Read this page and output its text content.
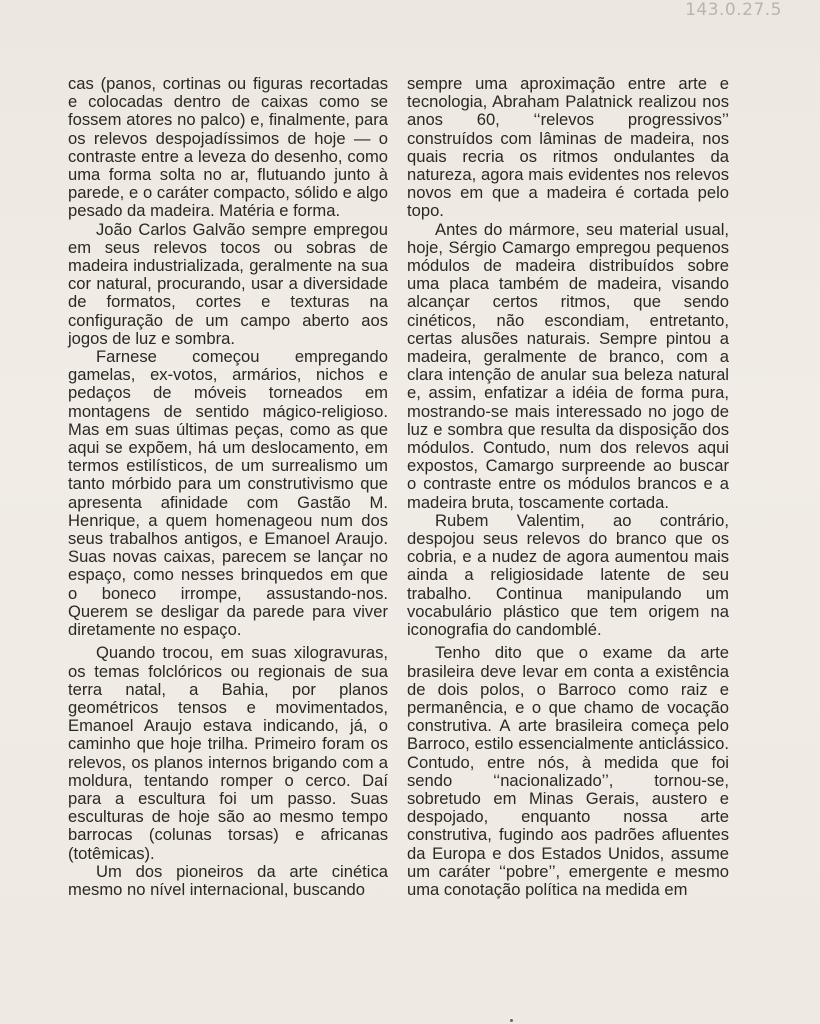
143.0.27.5

cas (panos, cortinas ou figuras recortadas e colocadas dentro de caixas como se fossem atores no palco) e, finalmente, para os relevos despojadíssimos de hoje — o contraste entre a leveza do desenho, como uma forma solta no ar, flutuando junto à parede, e o caráter compacto, sólido e algo pesado da madeira. Matéria e forma.

João Carlos Galvão sempre empregou em seus relevos tocos ou sobras de madeira industrializada, geralmente na sua cor natural, procurando, usar a diversidade de formatos, cortes e texturas na configuração de um campo aberto aos jogos de luz e sombra.

Farnese começou empregando gamelas, ex-votos, armários, nichos e pedaços de móveis torneados em montagens de sentido mágico-religioso. Mas em suas últimas peças, como as que aqui se expõem, há um deslocamento, em termos estilísticos, de um surrealismo um tanto mórbido para um construtivismo que apresenta afinidade com Gastão M. Henrique, a quem homenageou num dos seus trabalhos antigos, e Emanoel Araujo. Suas novas caixas, parecem se lançar no espaço, como nesses brinquedos em que o boneco irrompe, assustando-nos. Querem se desligar da parede para viver diretamente no espaço.

Quando trocou, em suas xilogravuras, os temas folclóricos ou regionais de sua terra natal, a Bahia, por planos geométricos tensos e movimentados, Emanoel Araujo estava indicando, já, o caminho que hoje trilha. Primeiro foram os relevos, os planos internos brigando com a moldura, tentando romper o cerco. Daí para a escultura foi um passo. Suas esculturas de hoje são ao mesmo tempo barrocas (colunas torsas) e africanas (totêmicas).

Um dos pioneiros da arte cinética mesmo no nível internacional, buscando

sempre uma aproximação entre arte e tecnologia, Abraham Palatnick realizou nos anos 60, ‘‘relevos progressivos’’ construídos com lâminas de madeira, nos quais recria os ritmos ondulantes da natureza, agora mais evidentes nos relevos novos em que a madeira é cortada pelo topo.

Antes do mármore, seu material usual, hoje, Sérgio Camargo empregou pequenos módulos de madeira distribuídos sobre uma placa também de madeira, visando alcançar certos ritmos, que sendo cinéticos, não escondiam, entretanto, certas alusões naturais. Sempre pintou a madeira, geralmente de branco, com a clara intenção de anular sua beleza natural e, assim, enfatizar a idéia de forma pura, mostrando-se mais interessado no jogo de luz e sombra que resulta da disposição dos módulos. Contudo, num dos relevos aqui expostos, Camargo surpreende ao buscar o contraste entre os módulos brancos e a madeira bruta, toscamente cortada.

Rubem Valentim, ao contrário, despojou seus relevos do branco que os cobria, e a nudez de agora aumentou mais ainda a religiosidade latente de seu trabalho. Continua manipulando um vocabulário plástico que tem origem na iconografia do candomblé.

Tenho dito que o exame da arte brasileira deve levar em conta a existência de dois polos, o Barroco como raiz e permanência, e o que chamo de vocação construtiva. A arte brasileira começa pelo Barroco, estilo essencialmente anticlássico. Contudo, entre nós, à medida que foi sendo ‘‘nacionalizado’’, tornou-se, sobretudo em Minas Gerais, austero e despojado, enquanto nossa arte construtiva, fugindo aos padrões afluentes da Europa e dos Estados Unidos, assume um caráter ‘‘pobre’’, emergente e mesmo uma conotação política na medida em
